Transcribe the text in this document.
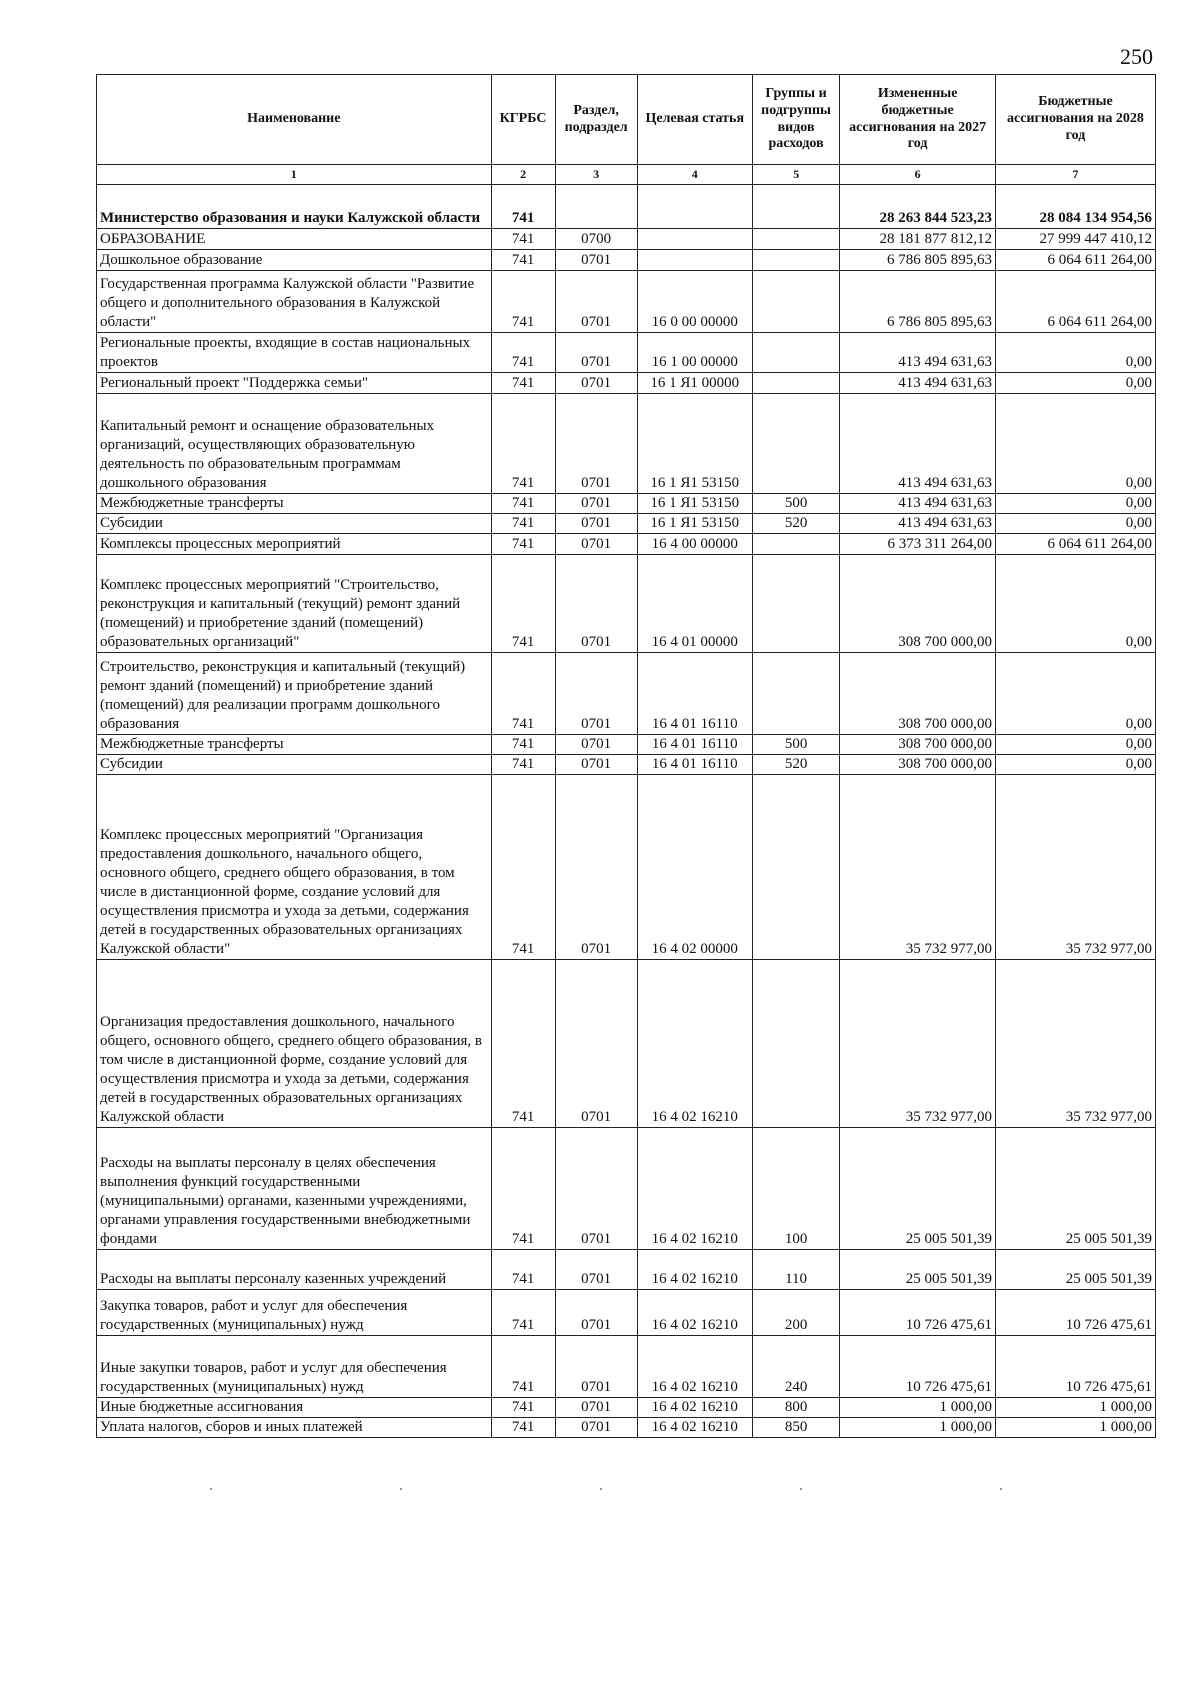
250
Наименование	КГРБС	Раздел, подраздел	Целевая статья	Группы и подгруппы видов расходов	Измененные бюджетные ассигнования на 2027 год	Бюджетные ассигнования на 2028 год
1	2	3	4	5	6	7
Министерство образования и науки Калужской области	741				28 263 844 523,23	28 084 134 954,56
ОБРАЗОВАНИЕ	741	0700			28 181 877 812,12	27 999 447 410,12
Дошкольное образование	741	0701			6 786 805 895,63	6 064 611 264,00
Государственная программа Калужской области "Развитие общего и дополнительного образования в Калужской области"	741	0701	16 0 00 00000		6 786 805 895,63	6 064 611 264,00
Региональные проекты, входящие в состав национальных проектов	741	0701	16 1 00 00000		413 494 631,63	0,00
Региональный проект "Поддержка семьи"	741	0701	16 1 Я1 00000		413 494 631,63	0,00
Капитальный ремонт и оснащение образовательных организаций, осуществляющих образовательную деятельность по образовательным программам дошкольного образования	741	0701	16 1 Я1 53150		413 494 631,63	0,00
Межбюджетные трансферты	741	0701	16 1 Я1 53150	500	413 494 631,63	0,00
Субсидии	741	0701	16 1 Я1 53150	520	413 494 631,63	0,00
Комплексы процессных мероприятий	741	0701	16 4 00 00000		6 373 311 264,00	6 064 611 264,00
Комплекс процессных мероприятий "Строительство, реконструкция и капитальный (текущий) ремонт зданий (помещений) и приобретение зданий (помещений) образовательных организаций"	741	0701	16 4 01 00000		308 700 000,00	0,00
Строительство, реконструкция и капитальный (текущий) ремонт зданий (помещений) и приобретение зданий (помещений) для реализации программ дошкольного образования	741	0701	16 4 01 16110		308 700 000,00	0,00
Межбюджетные трансферты	741	0701	16 4 01 16110	500	308 700 000,00	0,00
Субсидии	741	0701	16 4 01 16110	520	308 700 000,00	0,00
Комплекс процессных мероприятий "Организация предоставления дошкольного, начального общего, основного общего, среднего общего образования, в том числе в дистанционной форме, создание условий для осуществления присмотра и ухода за детьми, содержания детей в государственных образовательных организациях Калужской области"	741	0701	16 4 02 00000		35 732 977,00	35 732 977,00
Организация предоставления дошкольного, начального общего, основного общего, среднего общего образования, в том числе в дистанционной форме, создание условий для осуществления присмотра и ухода за детьми, содержания детей в государственных образовательных организациях Калужской области	741	0701	16 4 02 16210		35 732 977,00	35 732 977,00
Расходы на выплаты персоналу в целях обеспечения выполнения функций государственными (муниципальными) органами, казенными учреждениями, органами управления государственными внебюджетными фондами	741	0701	16 4 02 16210	100	25 005 501,39	25 005 501,39
Расходы на выплаты персоналу казенных учреждений	741	0701	16 4 02 16210	110	25 005 501,39	25 005 501,39
Закупка товаров, работ и услуг для обеспечения государственных (муниципальных) нужд	741	0701	16 4 02 16210	200	10 726 475,61	10 726 475,61
Иные закупки товаров, работ и услуг для обеспечения государственных (муниципальных) нужд	741	0701	16 4 02 16210	240	10 726 475,61	10 726 475,61
Иные бюджетные ассигнования	741	0701	16 4 02 16210	800	1 000,00	1 000,00
Уплата налогов, сборов и иных платежей	741	0701	16 4 02 16210	850	1 000,00	1 000,00
